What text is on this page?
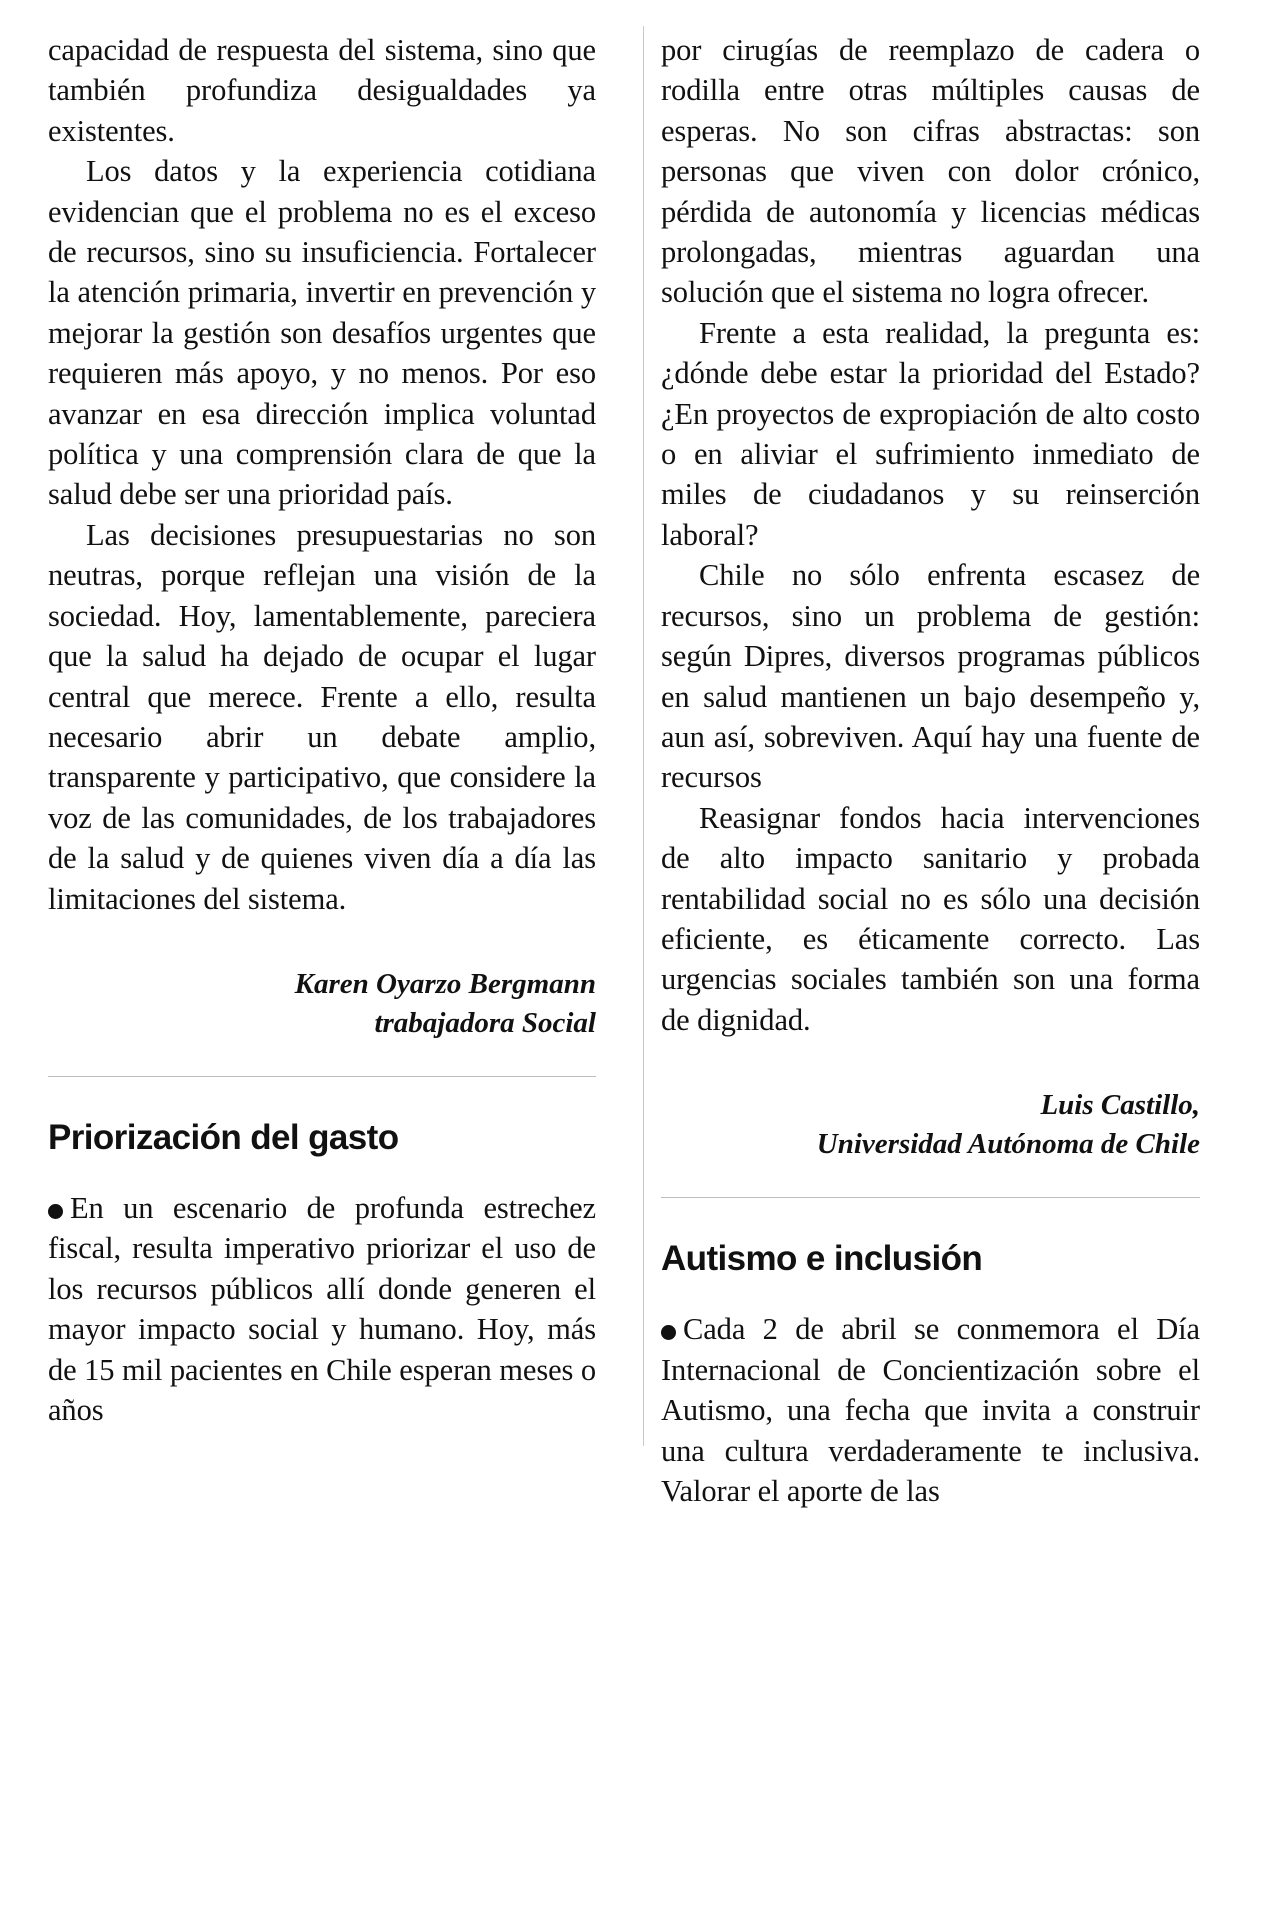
capacidad de respuesta del sistema, sino que también profundiza desigualdades ya existentes.

Los datos y la experiencia cotidiana evidencian que el problema no es el exceso de recursos, sino su insuficiencia. Fortalecer la atención primaria, invertir en prevención y mejorar la gestión son desafíos urgentes que requieren más apoyo, y no menos. Por eso avanzar en esa dirección implica voluntad política y una comprensión clara de que la salud debe ser una prioridad país.

Las decisiones presupuestarias no son neutras, porque reflejan una visión de la sociedad. Hoy, lamentablemente, pareciera que la salud ha dejado de ocupar el lugar central que merece. Frente a ello, resulta necesario abrir un debate amplio, transparente y participativo, que considere la voz de las comunidades, de los trabajadores de la salud y de quienes viven día a día las limitaciones del sistema.

Karen Oyarzo Bergmann
trabajadora Social
Priorización del gasto

En un escenario de profunda estrechez fiscal, resulta imperativo priorizar el uso de los recursos públicos allí donde generen el mayor impacto social y humano. Hoy, más de 15 mil pacientes en Chile esperan meses o años

por cirugías de reemplazo de cadera o rodilla entre otras múltiples causas de esperas. No son cifras abstractas: son personas que viven con dolor crónico, pérdida de autonomía y licencias médicas prolongadas, mientras aguardan una solución que el sistema no logra ofrecer.

Frente a esta realidad, la pregunta es: ¿dónde debe estar la prioridad del Estado? ¿En proyectos de expropiación de alto costo o en aliviar el sufrimiento inmediato de miles de ciudadanos y su reinserción laboral?

Chile no sólo enfrenta escasez de recursos, sino un problema de gestión: según Dipres, diversos programas públicos en salud mantienen un bajo desempeño y, aun así, sobreviven. Aquí hay una fuente de recursos

Reasignar fondos hacia intervenciones de alto impacto sanitario y probada rentabilidad social no es sólo una decisión eficiente, es éticamente correcto. Las urgencias sociales también son una forma de dignidad.

Luis Castillo,
Universidad Autónoma de Chile
Autismo e inclusión

Cada 2 de abril se conmemora el Día Internacional de Concientización sobre el Autismo, una fecha que invita a construir una cultura verdaderamente te inclusiva. Valorar el aporte de las
